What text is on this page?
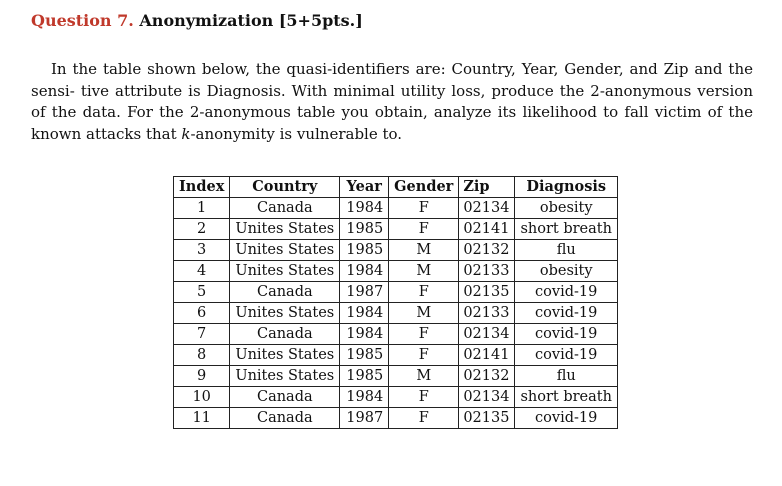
Question 7. Anonymization [5+5pts.]
In the table shown below, the quasi-identifiers are: Country, Year, Gender, and Zip and the sensi- tive attribute is Diagnosis. With minimal utility loss, produce the 2-anonymous version of the data. For the 2-anonymous table you obtain, analyze its likelihood to fall victim of the known attacks that k-anonymity is vulnerable to.
Index	Country	Year	Gender	Zip	Diagnosis
1	Canada	1984	F	02134	obesity
2	Unites States	1985	F	02141	short breath
3	Unites States	1985	M	02132	flu
4	Unites States	1984	M	02133	obesity
5	Canada	1987	F	02135	covid-19
6	Unites States	1984	M	02133	covid-19
7	Canada	1984	F	02134	covid-19
8	Unites States	1985	F	02141	covid-19
9	Unites States	1985	M	02132	flu
10	Canada	1984	F	02134	short breath
11	Canada	1987	F	02135	covid-19
